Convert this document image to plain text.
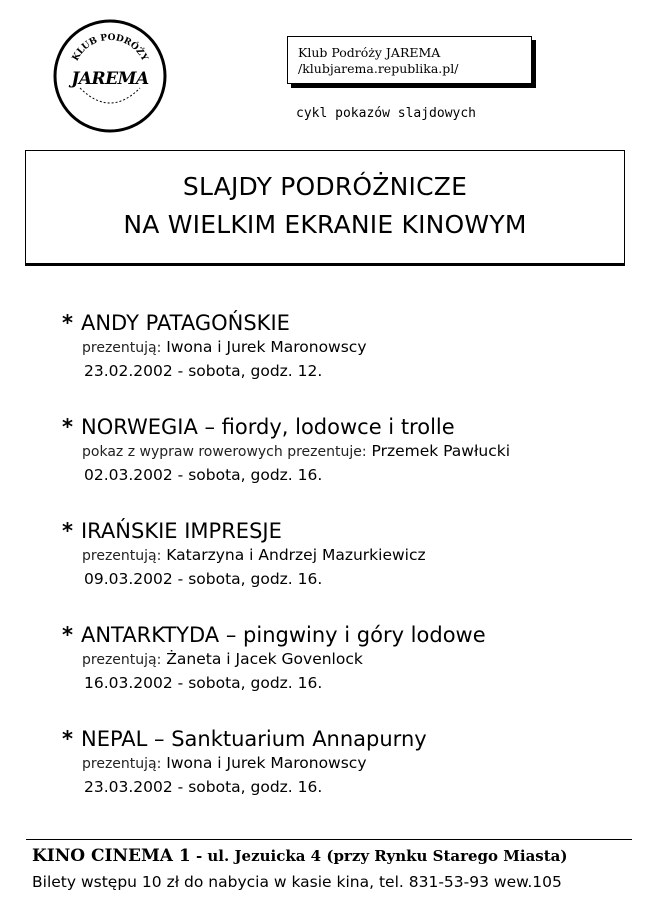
KLUB PODRÓŻY
JAREMA
Klub Podróży JAREMA
/klubjarema.republika.pl/
cykl pokazów slajdowych
SLAJDY PODRÓŻNICZE
NA WIELKIM EKRANIE KINOWYM
* ANDY PATAGOŃSKIE
prezentują: Iwona i Jurek Maronowscy
23.02.2002 - sobota, godz. 12.
* NORWEGIA – fiordy, lodowce i trolle
pokaz z wypraw rowerowych prezentuje: Przemek Pawłucki
02.03.2002 - sobota, godz. 16.
* IRAŃSKIE IMPRESJE
prezentują: Katarzyna i Andrzej Mazurkiewicz
09.03.2002 - sobota, godz. 16.
* ANTARKTYDA – pingwiny i góry lodowe
prezentują: Żaneta i Jacek Govenlock
16.03.2002 - sobota, godz. 16.
* NEPAL – Sanktuarium Annapurny
prezentują: Iwona i Jurek Maronowscy
23.03.2002 - sobota, godz. 16.
KINO CINEMA 1 - ul. Jezuicka 4 (przy Rynku Starego Miasta)
Bilety wstępu 10 zł do nabycia w kasie kina, tel. 831-53-93 wew.105
